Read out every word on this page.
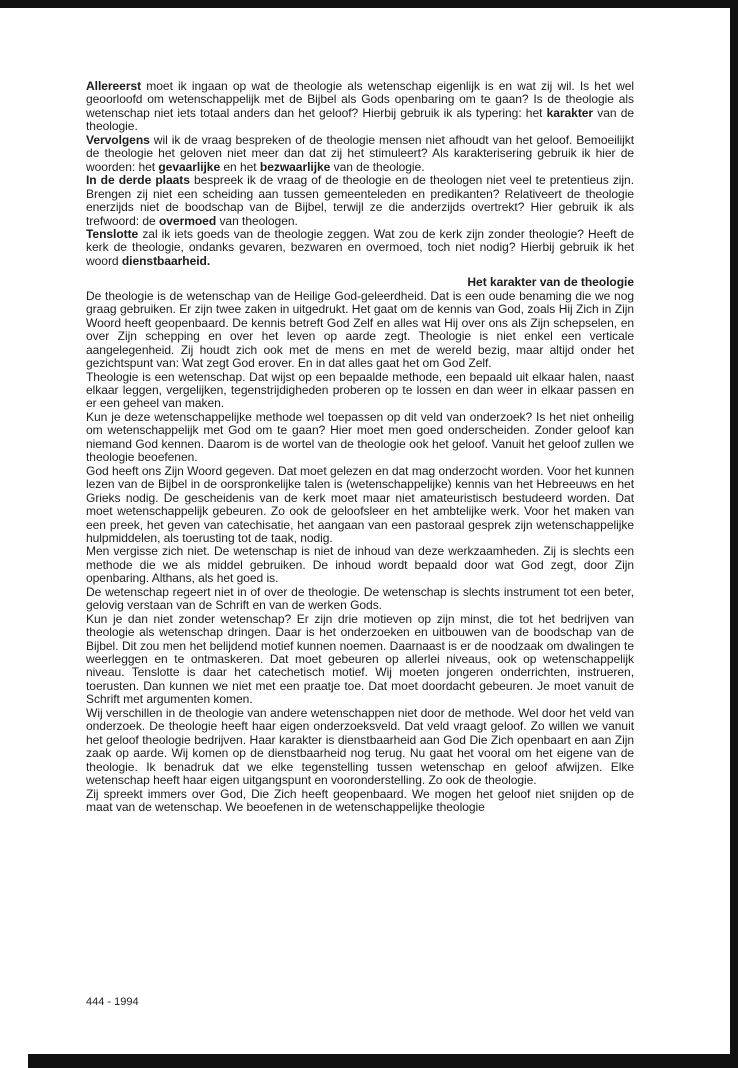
Allereerst moet ik ingaan op wat de theologie als wetenschap eigenlijk is en wat zij wil. Is het wel geoorloofd om wetenschappelijk met de Bijbel als Gods openbaring om te gaan? Is de theologie als wetenschap niet iets totaal anders dan het geloof? Hierbij gebruik ik als typering: het karakter van de theologie.

Vervolgens wil ik de vraag bespreken of de theologie mensen niet afhoudt van het geloof. Bemoeilijkt de theologie het geloven niet meer dan dat zij het stimuleert? Als karakterisering gebruik ik hier de woorden: het gevaarlijke en het bezwaarlijke van de theologie.

In de derde plaats bespreek ik de vraag of de theologie en de theologen niet veel te pretentieus zijn. Brengen zij niet een scheiding aan tussen gemeenteleden en predikanten? Relativeert de theologie enerzijds niet de boodschap van de Bijbel, terwijl ze die anderzijds overtrekt? Hier gebruik ik als trefwoord: de overmoed van theologen.

Tenslotte zal ik iets goeds van de theologie zeggen. Wat zou de kerk zijn zonder theologie? Heeft de kerk de theologie, ondanks gevaren, bezwaren en overmoed, toch niet nodig? Hierbij gebruik ik het woord dienstbaarheid.

Het karakter van de theologie

De theologie is de wetenschap van de Heilige God-geleerdheid. Dat is een oude benaming die we nog graag gebruiken. Er zijn twee zaken in uitgedrukt. Het gaat om de kennis van God, zoals Hij Zich in Zijn Woord heeft geopenbaard. De kennis betreft God Zelf en alles wat Hij over ons als Zijn schepselen, en over Zijn schepping en over het leven op aarde zegt. Theologie is niet enkel een verticale aangelegenheid. Zij houdt zich ook met de mens en met de wereld bezig, maar altijd onder het gezichtspunt van: Wat zegt God erover. En in dat alles gaat het om God Zelf.

Theologie is een wetenschap. Dat wijst op een bepaalde methode, een bepaald uit elkaar halen, naast elkaar leggen, vergelijken, tegenstrijdigheden proberen op te lossen en dan weer in elkaar passen en er een geheel van maken.

Kun je deze wetenschappelijke methode wel toepassen op dit veld van onderzoek? Is het niet onheilig om wetenschappelijk met God om te gaan? Hier moet men goed onderscheiden. Zonder geloof kan niemand God kennen. Daarom is de wortel van de theologie ook het geloof. Vanuit het geloof zullen we theologie beoefenen.

God heeft ons Zijn Woord gegeven. Dat moet gelezen en dat mag onderzocht worden. Voor het kunnen lezen van de Bijbel in de oorspronkelijke talen is (wetenschappelijke) kennis van het Hebreeuws en het Grieks nodig. De gescheidenis van de kerk moet maar niet amateuristisch bestudeerd worden. Dat moet wetenschappelijk gebeuren. Zo ook de geloofsleer en het ambtelijke werk. Voor het maken van een preek, het geven van catechisatie, het aangaan van een pastoraal gesprek zijn wetenschappelijke hulpmiddelen, als toerusting tot de taak, nodig.

Men vergisse zich niet. De wetenschap is niet de inhoud van deze werkzaamheden. Zij is slechts een methode die we als middel gebruiken. De inhoud wordt bepaald door wat God zegt, door Zijn openbaring. Althans, als het goed is.

De wetenschap regeert niet in of over de theologie. De wetenschap is slechts instrument tot een beter, gelovig verstaan van de Schrift en van de werken Gods.

Kun je dan niet zonder wetenschap? Er zijn drie motieven op zijn minst, die tot het bedrijven van theologie als wetenschap dringen. Daar is het onderzoeken en uitbouwen van de boodschap van de Bijbel. Dit zou men het belijdend motief kunnen noemen. Daarnaast is er de noodzaak om dwalingen te weerleggen en te ontmaskeren. Dat moet gebeuren op allerlei niveaus, ook op wetenschappelijk niveau. Tenslotte is daar het catechetisch motief. Wij moeten jongeren onderrichten, instrueren, toerusten. Dan kunnen we niet met een praatje toe. Dat moet doordacht gebeuren. Je moet vanuit de Schrift met argumenten komen.

Wij verschillen in de theologie van andere wetenschappen niet door de methode. Wel door het veld van onderzoek. De theologie heeft haar eigen onderzoeksveld. Dat veld vraagt geloof. Zo willen we vanuit het geloof theologie bedrijven. Haar karakter is dienstbaarheid aan God Die Zich openbaart en aan Zijn zaak op aarde. Wij komen op de dienstbaarheid nog terug. Nu gaat het vooral om het eigene van de theologie. Ik benadruk dat we elke tegenstelling tussen wetenschap en geloof afwijzen. Elke wetenschap heeft haar eigen uitgangspunt en vooronderstelling. Zo ook de theologie.

Zij spreekt immers over God, Die Zich heeft geopenbaard. We mogen het geloof niet snijden op de maat van de wetenschap. We beoefenen in de wetenschappelijke theologie

444 - 1994
